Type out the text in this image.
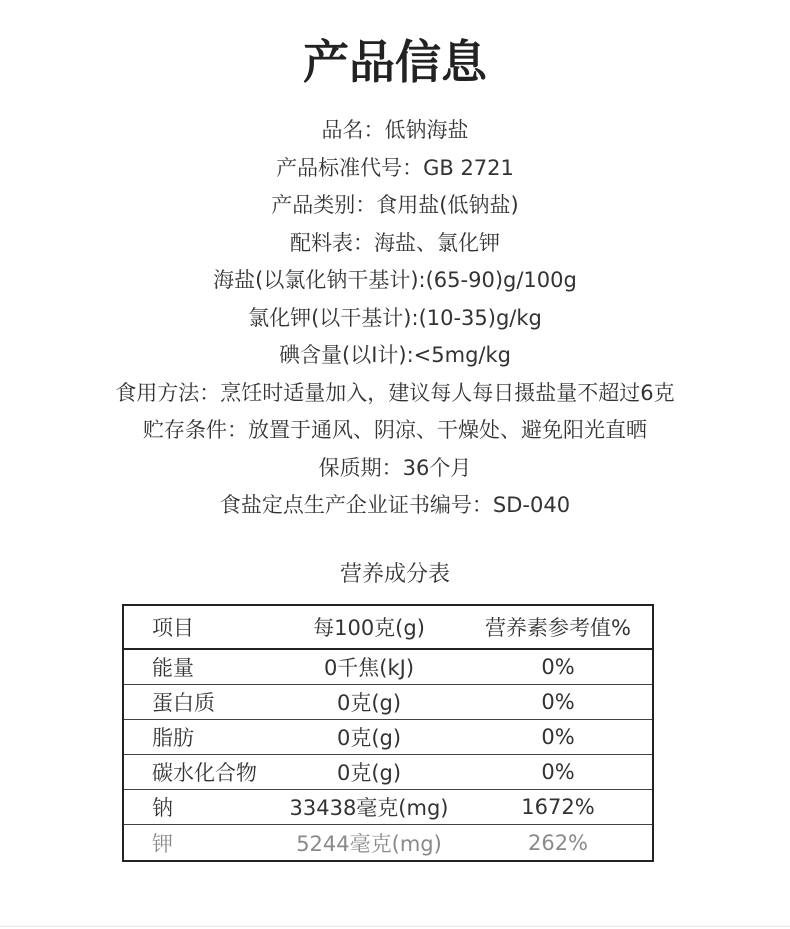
产品信息
品名：低钠海盐
产品标准代号：GB 2721
产品类别：食用盐(低钠盐)
配料表：海盐、氯化钾
海盐(以氯化钠干基计):(65-90)g/100g
氯化钾(以干基计):(10-35)g/kg
碘含量(以I计):<5mg/kg
食用方法：烹饪时适量加入，建议每人每日摄盐量不超过6克
贮存条件：放置于通风、阴凉、干燥处、避免阳光直晒
保质期：36个月
食盐定点生产企业证书编号：SD-040
营养成分表
项目	每100克(g)	营养素参考值%
能量	0千焦(kJ)	0%
蛋白质	0克(g)	0%
脂肪	0克(g)	0%
碳水化合物	0克(g)	0%
钠	33438毫克(mg)	1672%
钾	5244毫克(mg)	262%
